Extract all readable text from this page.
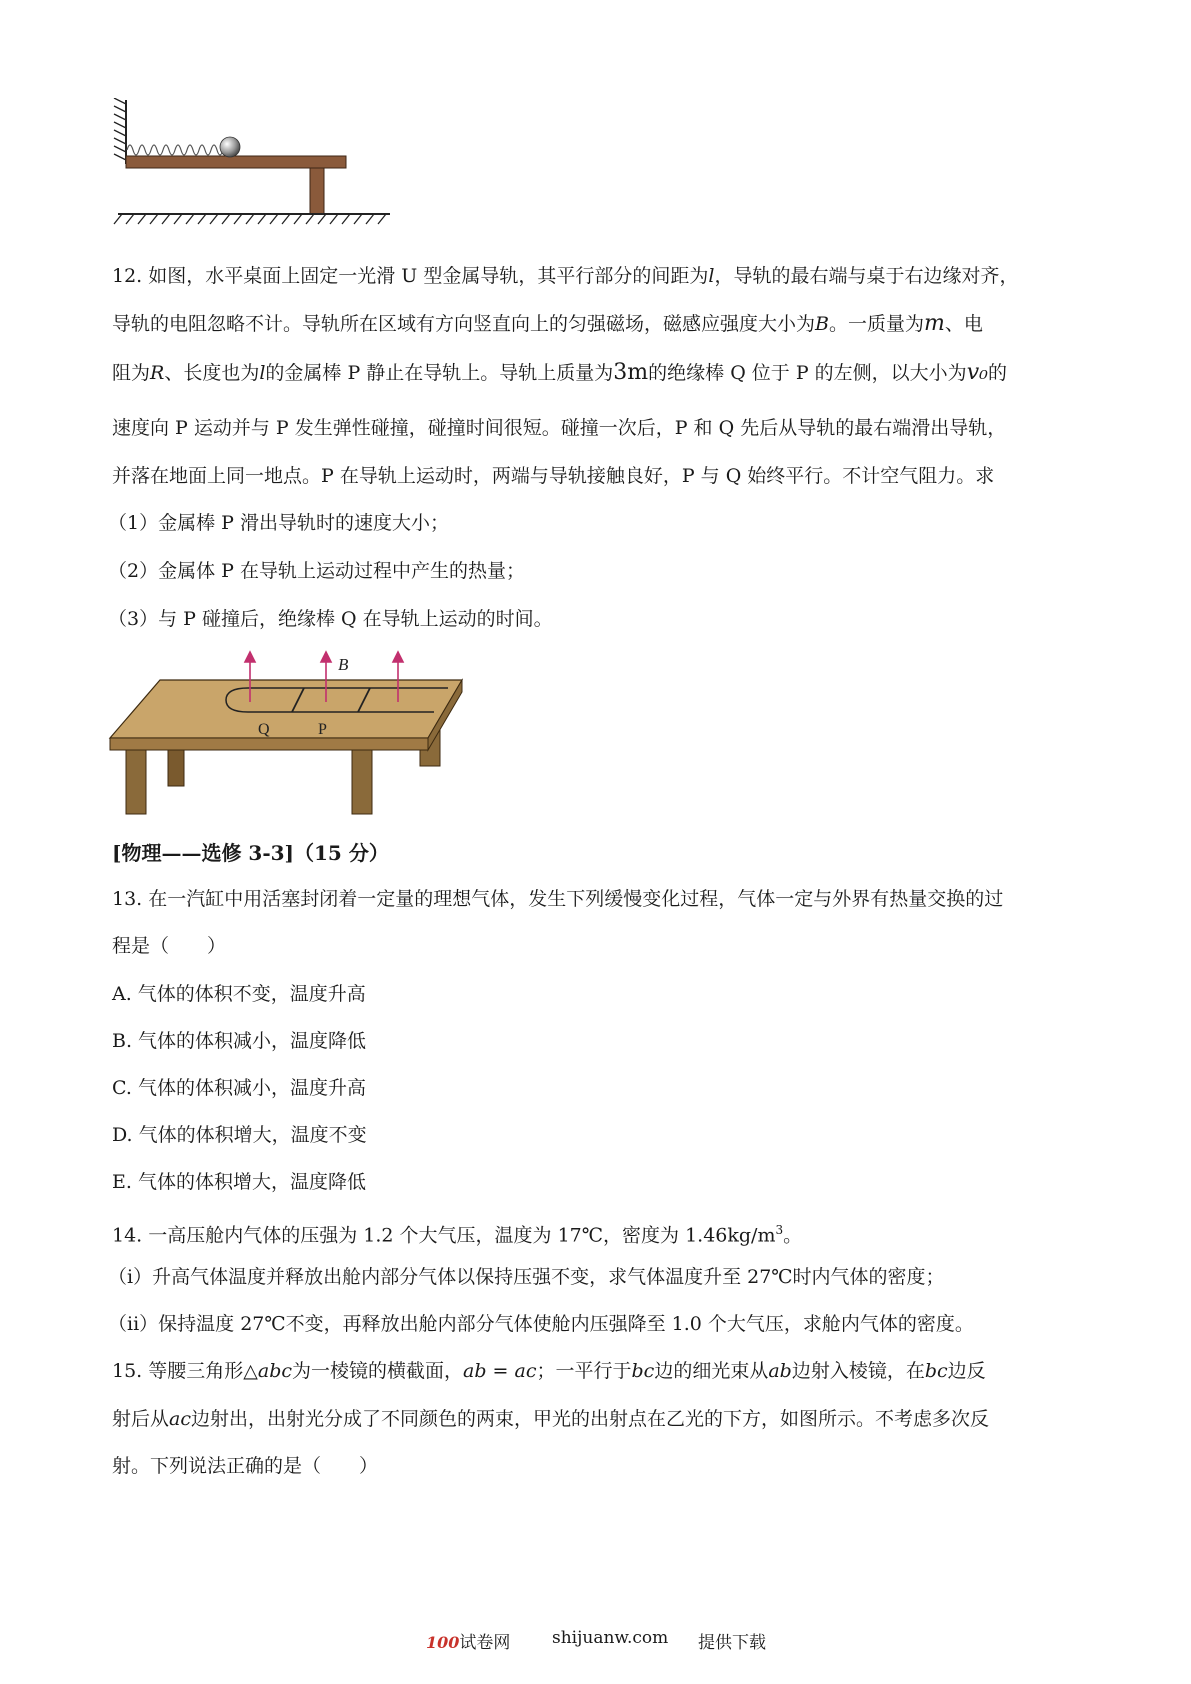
12. 如图，水平桌面上固定一光滑 U 型金属导轨，其平行部分的间距为l，导轨的最右端与桌于右边缘对齐，
导轨的电阻忽略不计。导轨所在区域有方向竖直向上的匀强磁场，磁感应强度大小为B。一质量为m、电
阻为R、长度也为l的金属棒 P 静止在导轨上。导轨上质量为3m的绝缘棒 Q 位于 P 的左侧，以大小为v₀的
速度向 P 运动并与 P 发生弹性碰撞，碰撞时间很短。碰撞一次后，P 和 Q 先后从导轨的最右端滑出导轨，
并落在地面上同一地点。P 在导轨上运动时，两端与导轨接触良好，P 与 Q 始终平行。不计空气阻力。求
（1）金属棒 P 滑出导轨时的速度大小；
（2）金属体 P 在导轨上运动过程中产生的热量；
（3）与 P 碰撞后，绝缘棒 Q 在导轨上运动的时间。
B
Q	P
[物理——选修 3-3]（15 分）
13. 在一汽缸中用活塞封闭着一定量的理想气体，发生下列缓慢变化过程，气体一定与外界有热量交换的过
程是（　　）
A. 气体的体积不变，温度升高
B. 气体的体积减小，温度降低
C. 气体的体积减小，温度升高
D. 气体的体积增大，温度不变
E. 气体的体积增大，温度降低
14. 一高压舱内气体的压强为 1.2 个大气压，温度为 17℃，密度为 $1.46kg/m^3$。
（i）升高气体温度并释放出舱内部分气体以保持压强不变，求气体温度升至 27℃时内气体的密度；
（ii）保持温度 27℃不变，再释放出舱内部分气体使舱内压强降至 1.0 个大气压，求舱内气体的密度。
15. 等腰三角形△abc为一棱镜的横截面，ab = ac；一平行于bc边的细光束从ab边射入棱镜，在bc边反
射后从ac边射出，出射光分成了不同颜色的两束，甲光的出射点在乙光的下方，如图所示。不考虑多次反
射。下列说法正确的是（　　）
100试卷网 shijuanw.com 提供下载
